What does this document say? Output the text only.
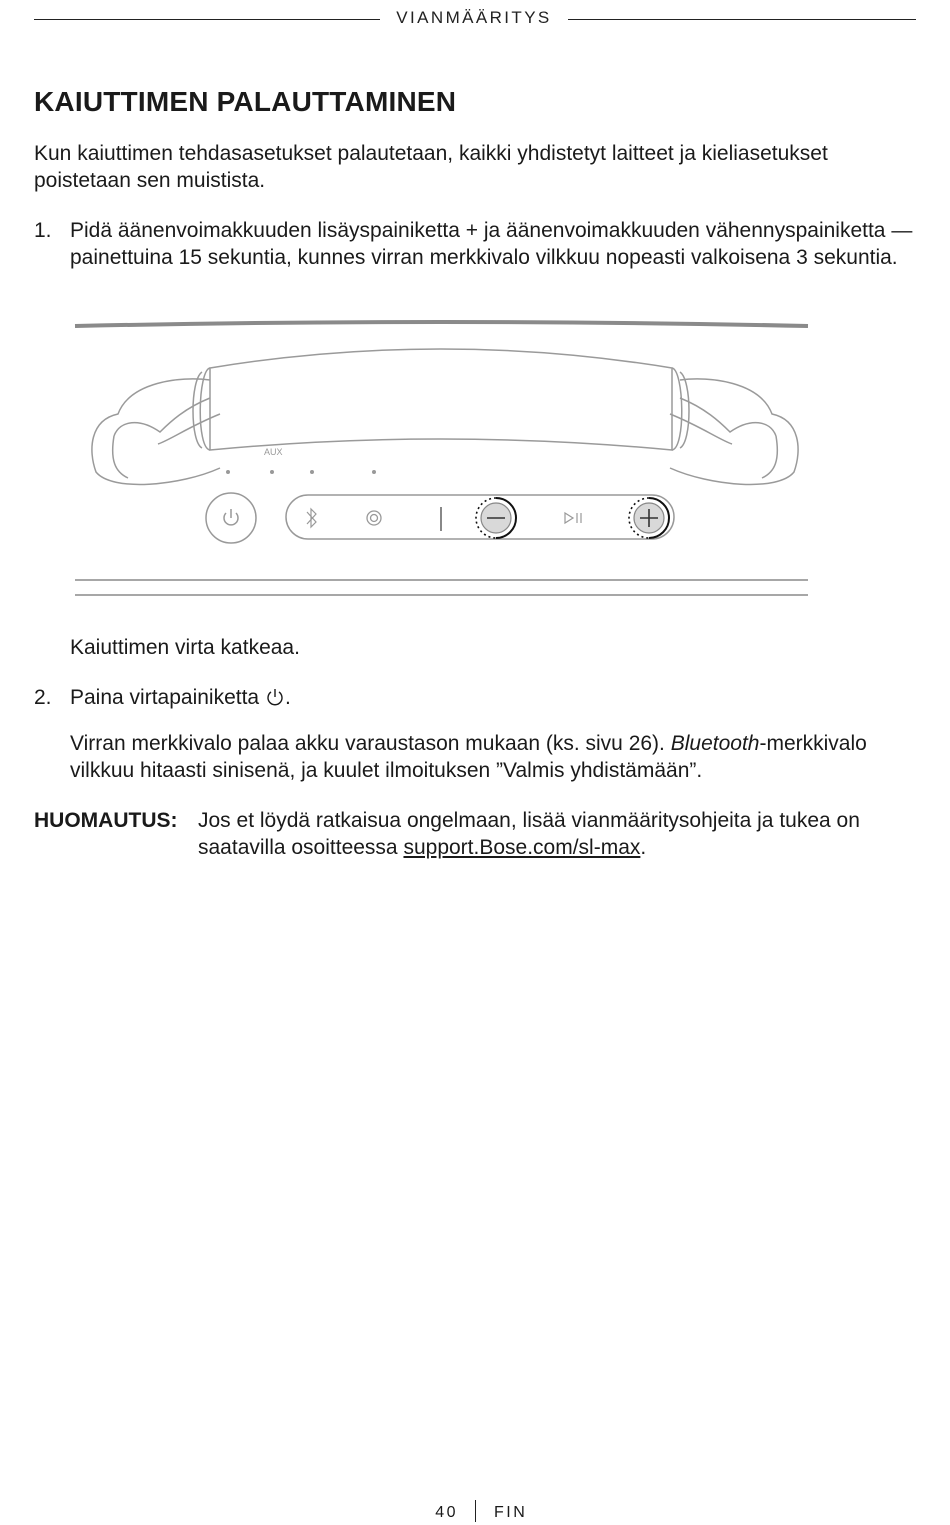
VIANMÄÄRITYS
KAIUTTIMEN PALAUTTAMINEN

Kun kaiuttimen tehdasasetukset palautetaan, kaikki yhdistetyt laitteet ja kieliasetukset poistetaan sen muistista.

1. Pidä äänenvoimakkuuden lisäyspainiketta + ja äänenvoimakkuuden vähennyspainiketta — painettuina 15 sekuntia, kunnes virran merkkivalo vilkkuu nopeasti valkoisena 3 sekuntia.

AUX

Kaiuttimen virta katkeaa.

2. Paina virtapainiketta .

Virran merkkivalo palaa akku varaustason mukaan (ks. sivu 26). Bluetooth-merkkivalo vilkkuu hitaasti sinisenä, ja kuulet ilmoituksen ”Valmis yhdistämään”.

HUOMAUTUS: Jos et löydä ratkaisua ongelmaan, lisää vianmääritysohjeita ja tukea on saatavilla osoitteessa support.Bose.com/sl-max.

40 FIN
